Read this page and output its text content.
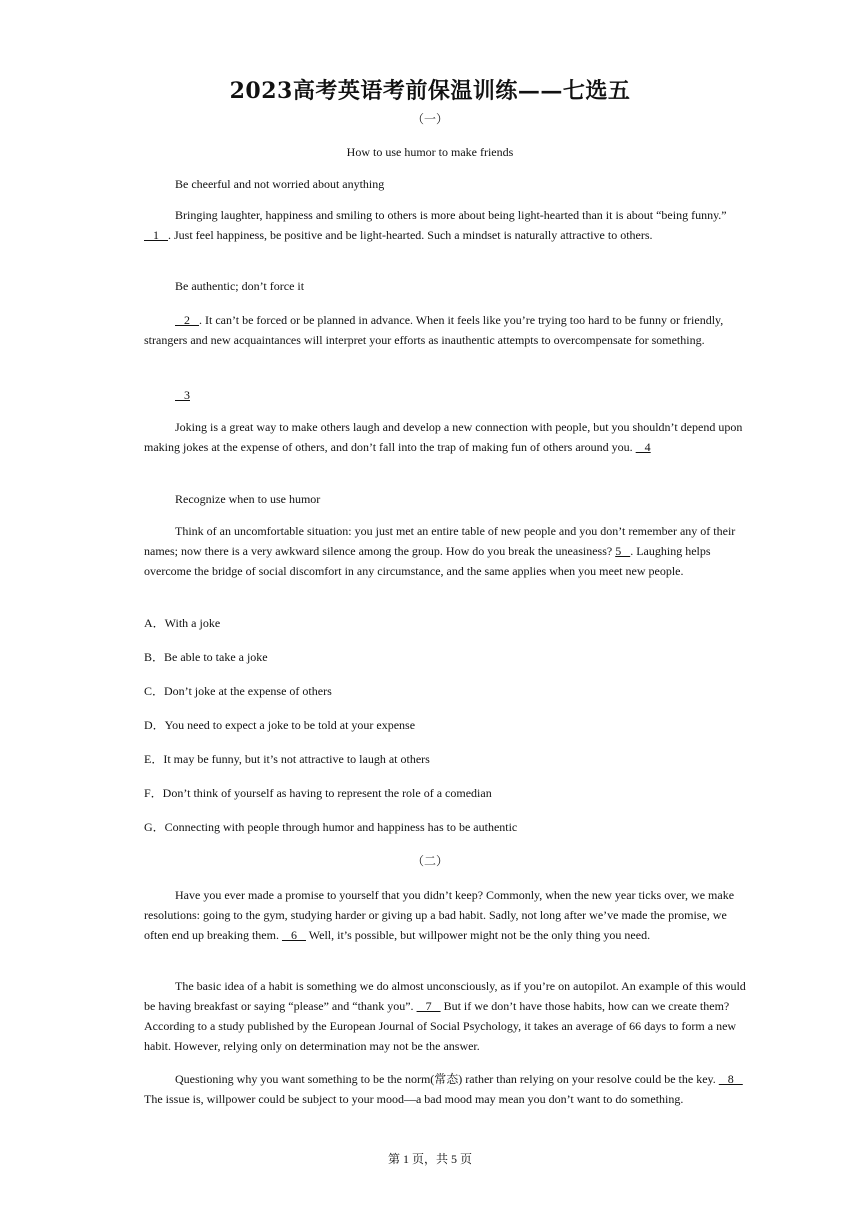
2023高考英语考前保温训练——七选五
（一）
How to use humor to make friends
Be cheerful and not worried about anything
Bringing laughter, happiness and smiling to others is more about being light-hearted than it is about “being funny.”    1   . Just feel happiness, be positive and be light-hearted. Such a mindset is naturally attractive to others.
Be authentic; don’t force it
2   . It can’t be forced or be planned in advance. When it feels like you’re trying too hard to be funny or friendly, strangers and new acquaintances will interpret your efforts as inauthentic attempts to overcompensate for something.
3
Joking is a great way to make others laugh and develop a new connection with people, but you shouldn’t depend upon making jokes at the expense of others, and don’t fall into the trap of making fun of others around you.    4
Recognize when to use humor
Think of an uncomfortable situation: you just met an entire table of new people and you don’t remember any of their names; now there is a very awkward silence among the group. How do you break the uneasiness? 5   . Laughing helps overcome the bridge of social discomfort in any circumstance, and the same applies when you meet new people.
A．With a joke
B．Be able to take a joke
C．Don’t joke at the expense of others
D．You need to expect a joke to be told at your expense
E．It may be funny, but it’s not attractive to laugh at others
F．Don’t think of yourself as having to represent the role of a comedian
G．Connecting with people through humor and happiness has to be authentic
（二）
Have you ever made a promise to yourself that you didn’t keep? Commonly, when the new year ticks over, we make resolutions: going to the gym, studying harder or giving up a bad habit. Sadly, not long after we’ve made the promise, we often end up breaking them.    6    Well, it’s possible, but willpower might not be the only thing you need.
The basic idea of a habit is something we do almost unconsciously, as if you’re on autopilot. An example of this would be having breakfast or saying “please” and “thank you”.    7    But if we don’t have those habits, how can we create them? According to a study published by the European Journal of Social Psychology, it takes an average of 66 days to form a new habit. However, relying only on determination may not be the answer.
Questioning why you want something to be the norm(常态) rather than relying on your resolve could be the key.    8    The issue is, willpower could be subject to your mood—a bad mood may mean you don’t want to do something.
第 1 页，共 5 页
